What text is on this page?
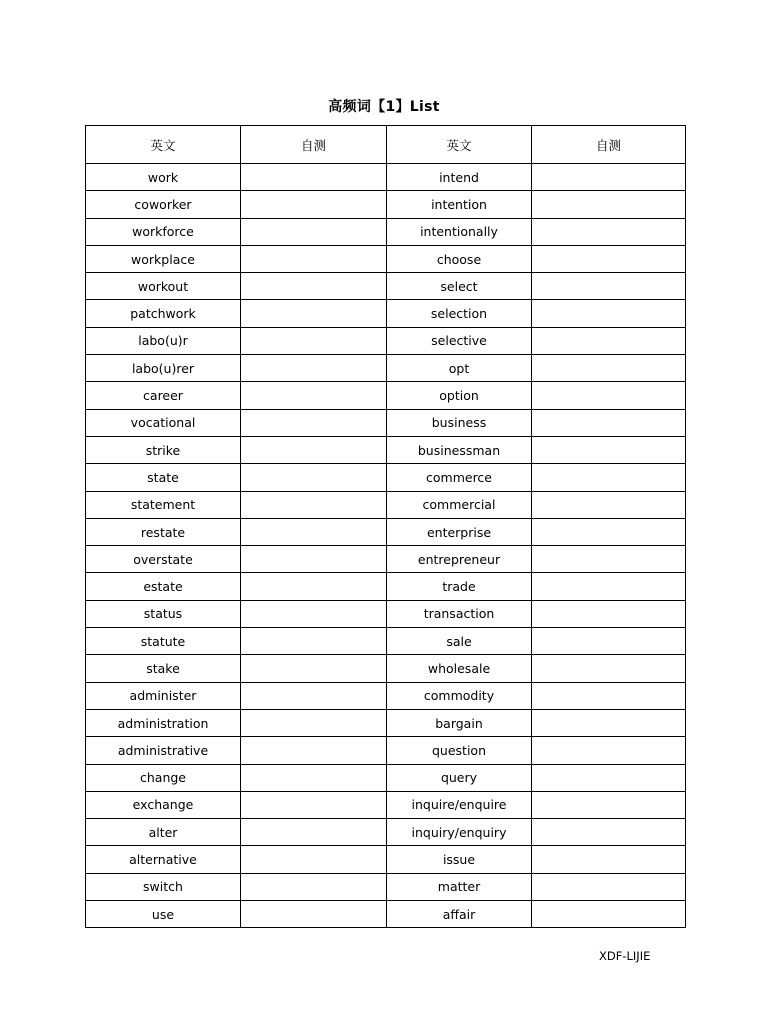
高频词【1】List
英文	自测	英文	自测
work		intend	
coworker		intention	
workforce		intentionally	
workplace		choose	
workout		select	
patchwork		selection	
labo(u)r		selective	
labo(u)rer		opt	
career		option	
vocational		business	
strike		businessman	
state		commerce	
statement		commercial	
restate		enterprise	
overstate		entrepreneur	
estate		trade	
status		transaction	
statute		sale	
stake		wholesale	
administer		commodity	
administration		bargain	
administrative		question	
change		query	
exchange		inquire/enquire	
alter		inquiry/enquiry	
alternative		issue	
switch		matter	
use		affair	
XDF-LIJIE
